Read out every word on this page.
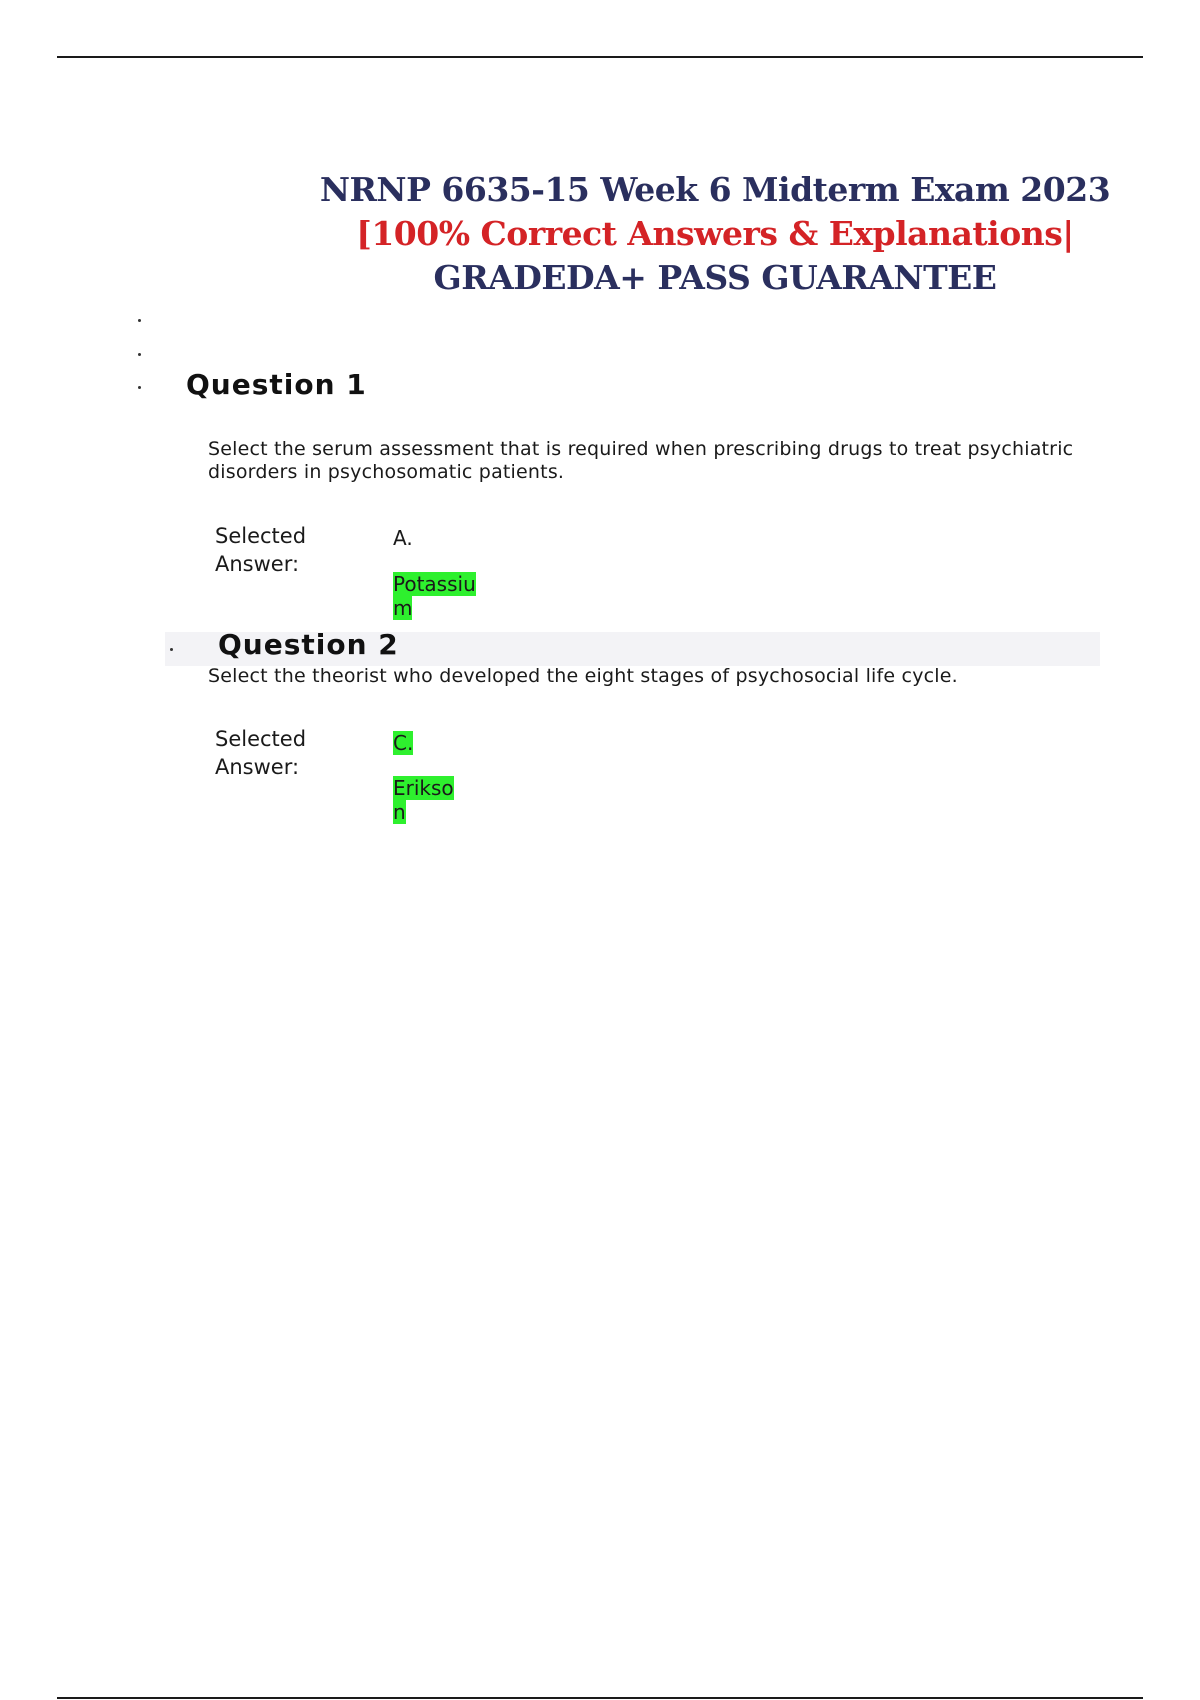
NRNP 6635-15 Week 6 Midterm Exam 2023 [100% Correct Answers & Explanations| GRADEDA+ PASS GUARANTEE
Question 1
Select the serum assessment that is required when prescribing drugs to treat psychiatric disorders in psychosomatic patients.
Selected Answer:
A.
Potassium
Question 2
Select the theorist who developed the eight stages of psychosocial life cycle.
Selected Answer:
C.
Erikson
